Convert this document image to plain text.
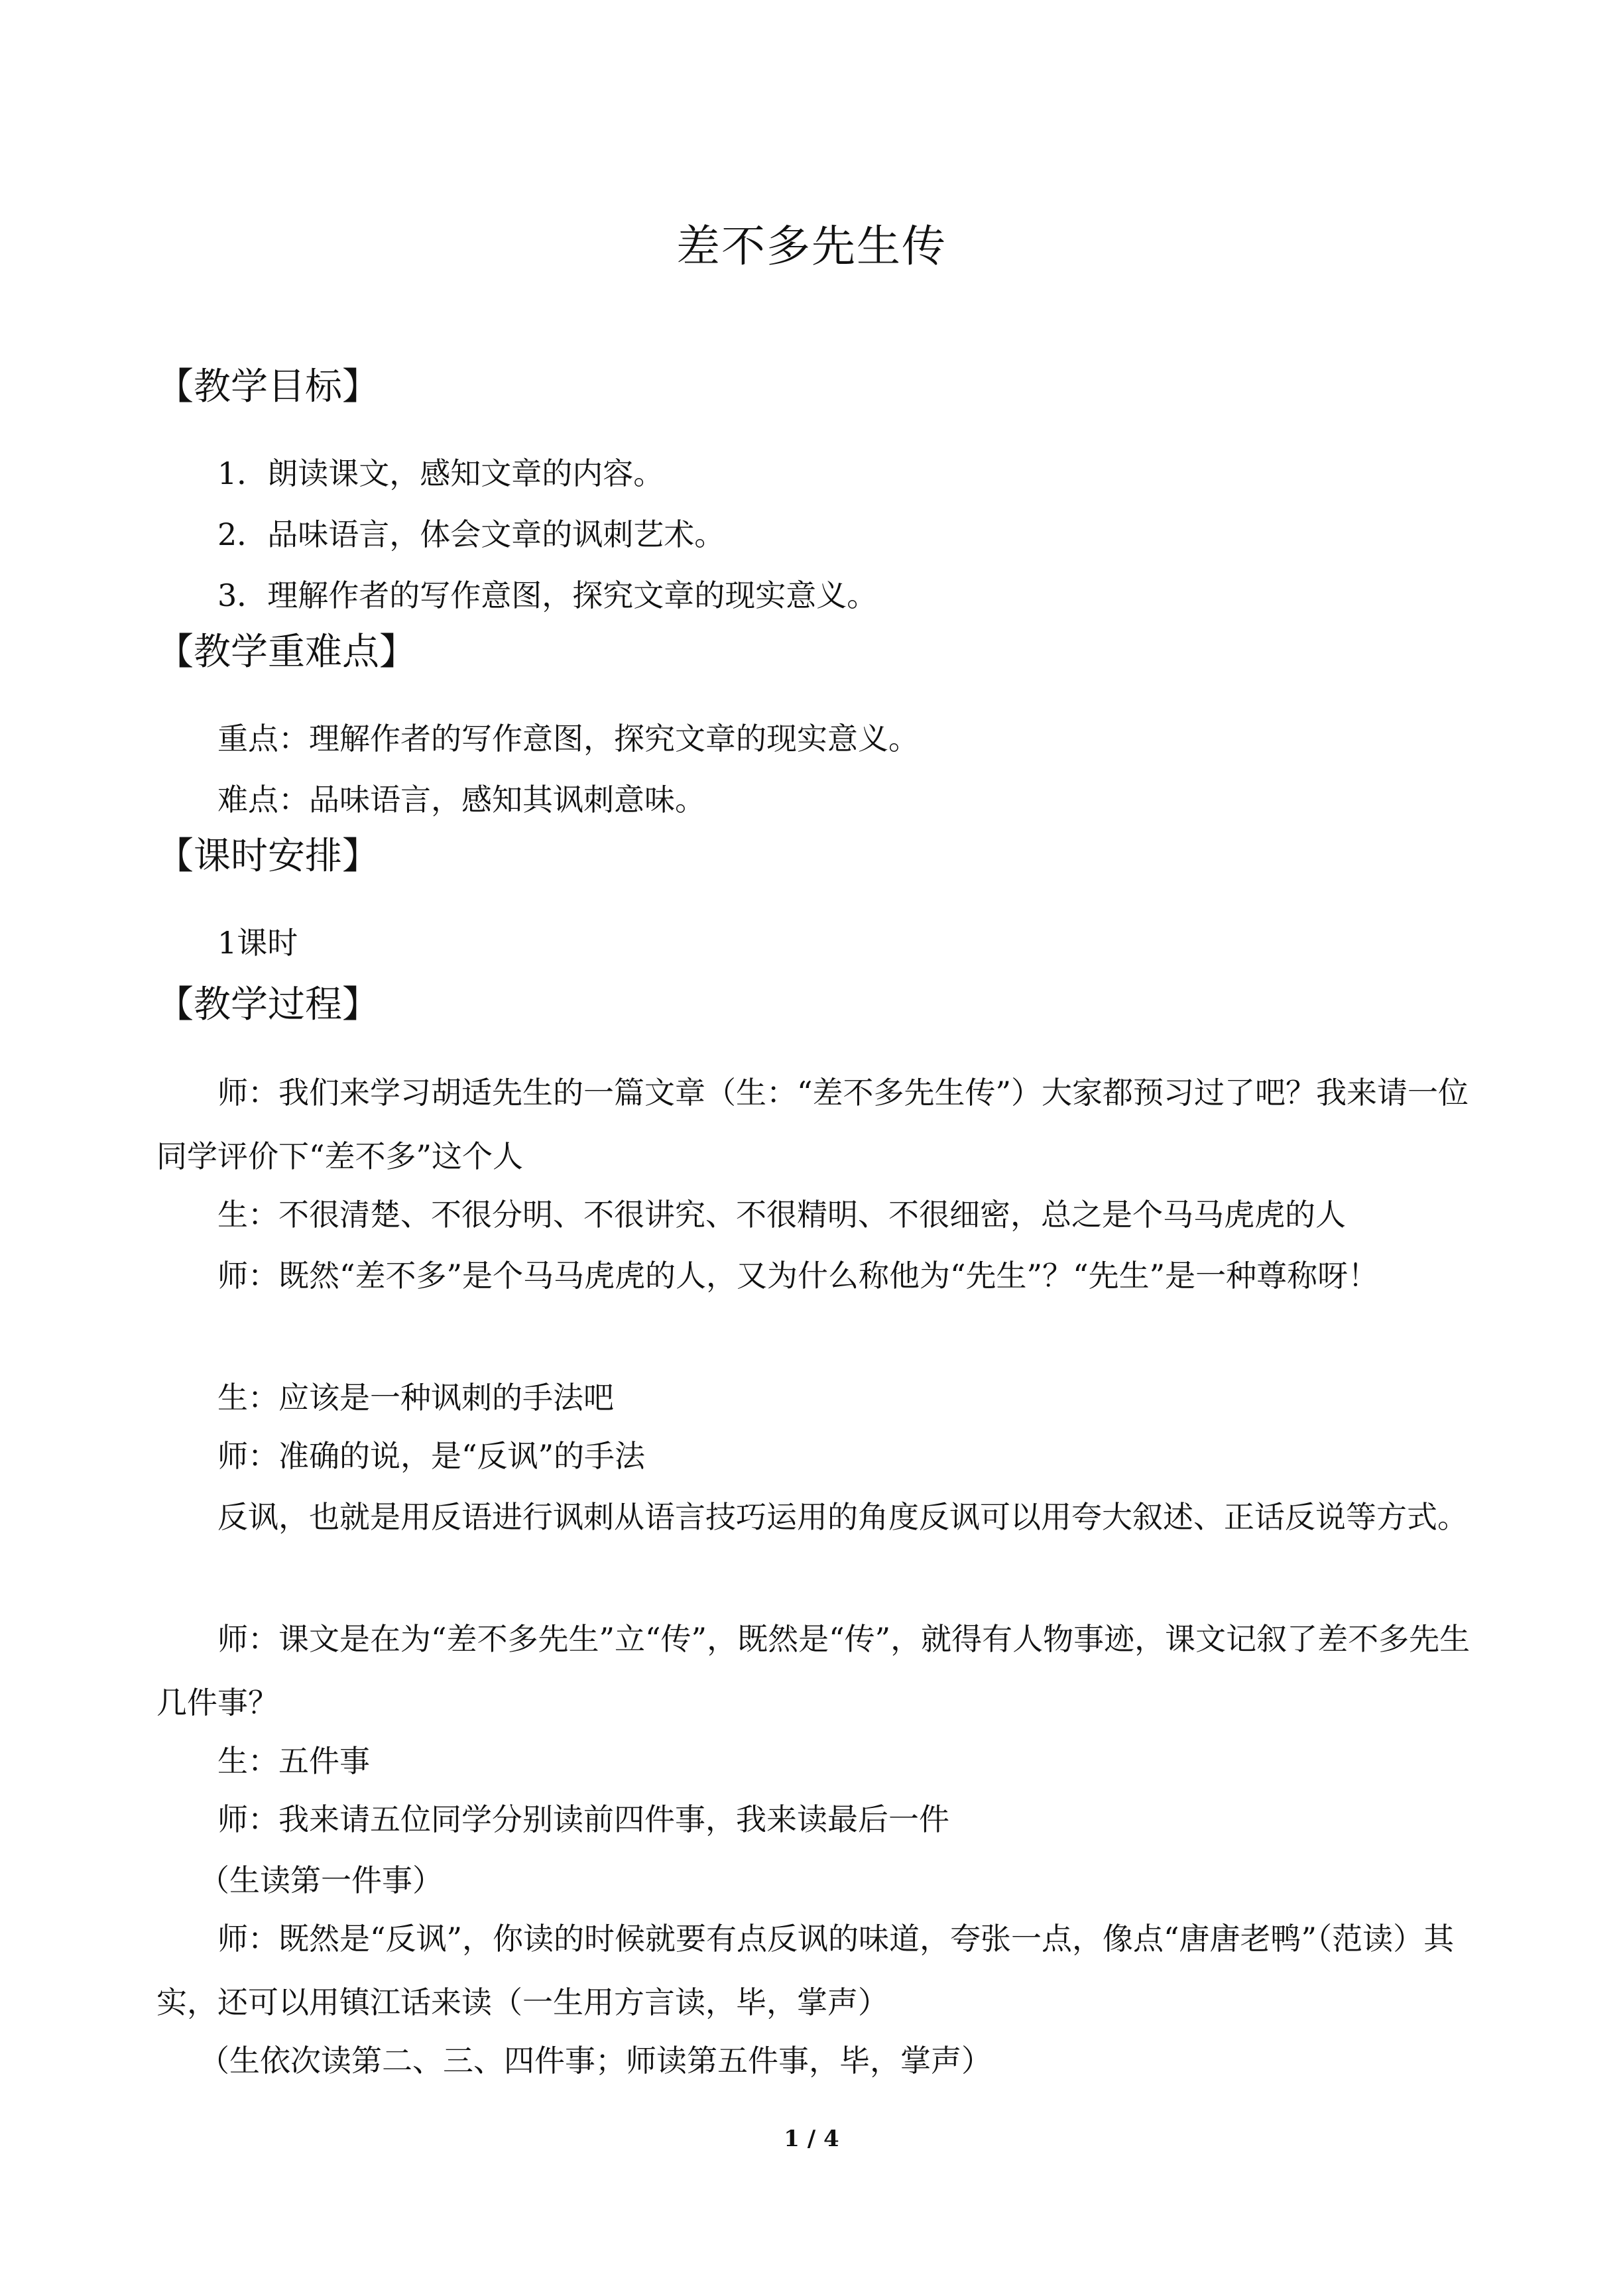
差不多先生传
【教学目标】

1．朗读课文，感知文章的内容。

2．品味语言，体会文章的讽刺艺术。

3．理解作者的写作意图，探究文章的现实意义。

【教学重难点】

重点：理解作者的写作意图，探究文章的现实意义。

难点：品味语言，感知其讽刺意味。

【课时安排】

1课时

【教学过程】

师：我们来学习胡适先生的一篇文章（生：“差不多先生传”）大家都预习过了吧？我来请一位同学评价下“差不多”这个人

生：不很清楚、不很分明、不很讲究、不很精明、不很细密，总之是个马马虎虎的人

师：既然“差不多”是个马马虎虎的人，又为什么称他为“先生”？“先生”是一种尊称呀！

生：应该是一种讽刺的手法吧

师：准确的说，是“反讽”的手法

反讽，也就是用反语进行讽刺从语言技巧运用的角度反讽可以用夸大叙述、正话反说等方式。

师：课文是在为“差不多先生”立“传”，既然是“传”，就得有人物事迹，课文记叙了差不多先生几件事？

生：五件事

师：我来请五位同学分别读前四件事，我来读最后一件

（生读第一件事）

师：既然是“反讽”，你读的时候就要有点反讽的味道，夸张一点，像点“唐唐老鸭”（范读）其实，还可以用镇江话来读（一生用方言读，毕，掌声）

（生依次读第二、三、四件事；师读第五件事，毕，掌声）

1 / 4
